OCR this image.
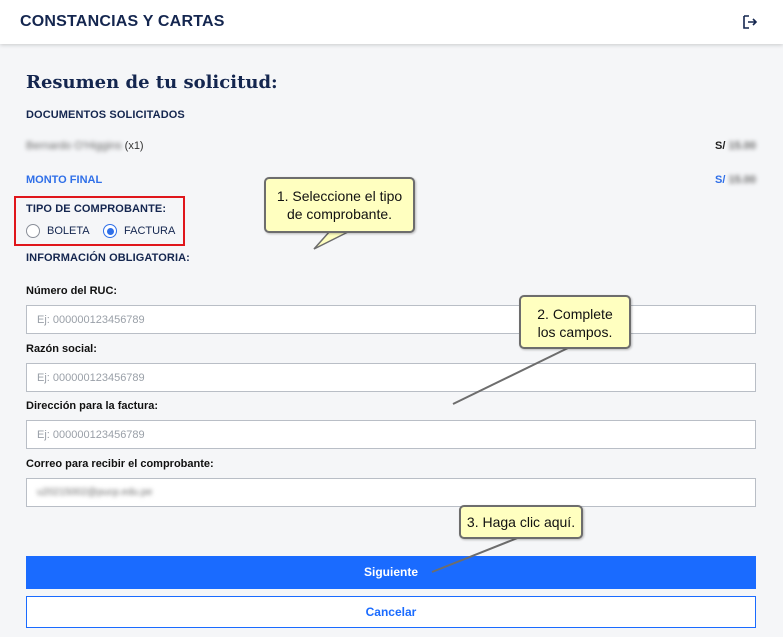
CONSTANCIAS Y CARTAS
Resumen de tu solicitud:
DOCUMENTOS SOLICITADOS
Bernardo O'Higgins (x1)	S/ 15.00
MONTO FINAL	S/ 15.00
TIPO DE COMPROBANTE:
BOLETA	FACTURA
INFORMACIÓN OBLIGATORIA:
Número del RUC:
Ej: 000000123456789
Razón social:
Ej: 000000123456789
Dirección para la factura:
Ej: 000000123456789
Correo para recibir el comprobante:
u20215002@pucp.edu.pe
Siguiente
Cancelar
1. Seleccione el tipo
de comprobante.
2. Complete
los campos.
3. Haga clic aquí.
